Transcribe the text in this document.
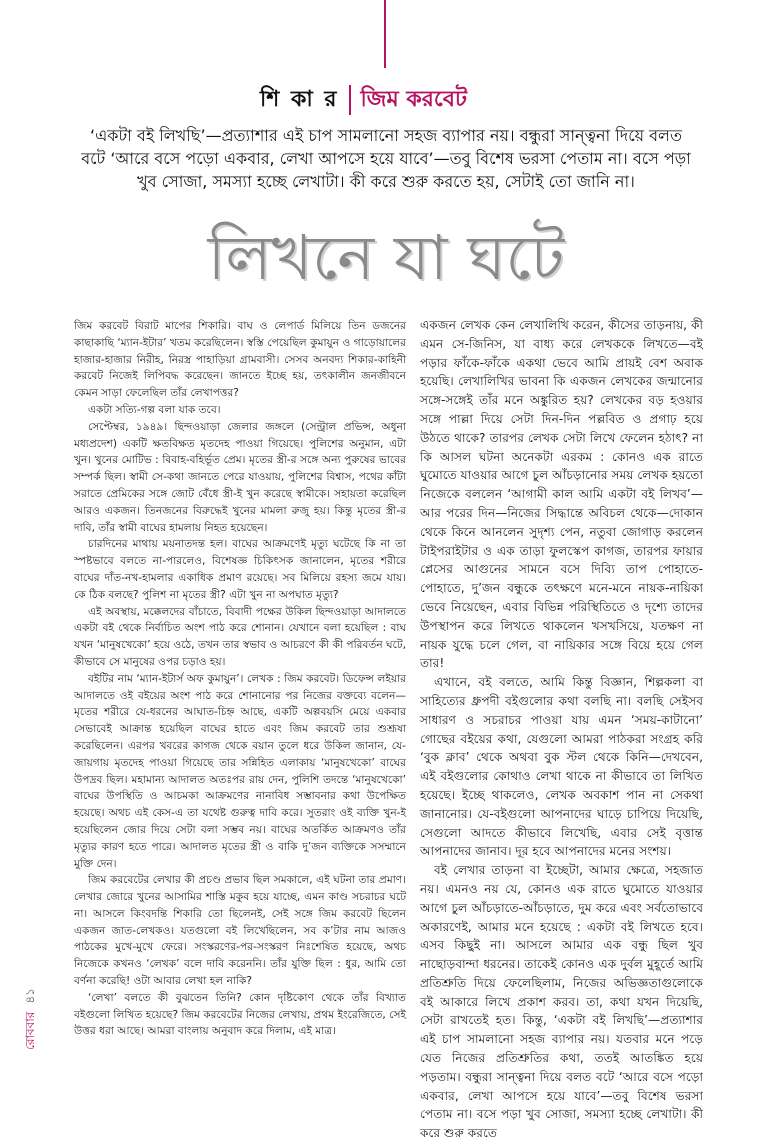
শি কা র জিম করবেট
‘একটা বই লিখছি’—প্রত্যাশার এই চাপ সামলানো সহজ ব্যাপার নয়। বন্ধুরা সান্ত্বনা দিয়ে বলত বটে ‘আরে বসে পড়ো একবার, লেখা আপসে হয়ে যাবে’—তবু বিশেষ ভরসা পেতাম না। বসে পড়া খুব সোজা, সমস্যা হচ্ছে লেখাটা। কী করে শুরু করতে হয়, সেটাই তো জানি না।
লিখনে যা ঘটে

জিম করবেট বিরাট মাপের শিকারি। বাঘ ও লেপার্ড মিলিয়ে তিন ডজনের কাছাকাছি ‘ম্যান-ইটার’ খতম করেছিলেন। স্বস্তি পেয়েছিল কুমায়ুন ও গাড়োয়ালের হাজার-হাজার নিরীহ, নিরস্ত্র পাহাড়িয়া গ্রামবাসী। সেসব অনবদ্য শিকার-কাহিনী করবেট নিজেই লিপিবদ্ধ করেছেন। জানতে ইচ্ছে হয়, তৎকালীন জনজীবনে কেমন সাড়া ফেলেছিল তাঁর লেখাপত্তর?

একটা সত্যি-গল্প বলা যাক তবে।

সেপ্টেম্বর, ১৯৪৯। ছিন্দওয়াড়া জেলার জঙ্গলে (সেন্ট্রাল প্রভিন্স, অধুনা মধ্যপ্রদেশ) একটি ক্ষতবিক্ষত মৃতদেহ পাওয়া গিয়েছে। পুলিশের অনুমান, এটা খুন। খুনের মোটিভ : বিবাহ-বহির্ভূত প্রেম। মৃতের স্ত্রী-র সঙ্গে অন্য পুরুষের ভাবের সম্পর্ক ছিল। স্বামী সে-কথা জানতে পেরে যাওয়ায়, পুলিশের বিশ্বাস, পথের কাঁটা সরাতে প্রেমিকের সঙ্গে জোট বেঁধে স্ত্রী-ই খুন করেছে স্বামীকে। সহায়তা করেছিল আরও একজন। তিনজনের বিরুদ্ধেই খুনের মামলা রুজু হয়। কিন্তু মৃতের স্ত্রী-র দাবি, তাঁর স্বামী বাঘের হামলায় নিহত হয়েছেন।

চারদিনের মাথায় ময়নাতদন্ত হল। বাঘের আক্রমণেই মৃত্যু ঘটেছে কি না তা স্পষ্টভাবে বলতে না-পারলেও, বিশেষজ্ঞ চিকিৎসক জানালেন, মৃতের শরীরে বাঘের দাঁত-নখ-হামলার একাধিক প্রমাণ রয়েছে। সব মিলিয়ে রহস্য জমে যায়। কে ঠিক বলছে? পুলিশ না মৃতের স্ত্রী? এটা খুন না অপঘাত মৃত্যু?

এই অবস্থায়, মক্কেলদের বাঁচাতে, বিবাদী পক্ষের উকিল ছিন্দওয়াড়া আদালতে একটা বই থেকে নির্বাচিত অংশ পাঠ করে শোনান। যেখানে বলা হয়েছিল : বাঘ যখন ‘মানুষখেকো’ হয়ে ওঠে, তখন তার স্বভাব ও আচরণে কী কী পরিবর্তন ঘটে, কীভাবে সে মানুষের ওপর চড়াও হয়।

বইটির নাম ‘ম্যান-ইটার্স অফ কুমায়ুন’। লেখক : জিম করবেট। ডিফেন্স লইয়ার আদালতে ওই বইয়ের অংশ পাঠ করে শোনানোর পর নিজের বক্তব্যে বলেন—মৃতের শরীরে যে-ধরনের আঘাত-চিহ্ন আছে, একটি অল্পবয়সি মেয়ে একবার সেভাবেই আক্রান্ত হয়েছিল বাঘের হাতে এবং জিম করবেট তার শুশ্রূষা করেছিলেন। এরপর খবরের কাগজ থেকে বয়ান তুলে ধরে উকিল জানান, যে-জায়গায় মৃতদেহ পাওয়া গিয়েছে তার সন্নিহিত এলাকায় ‘মানুষখেকো’ বাঘের উপদ্রব ছিল। মহামান্য আদালত অতঃপর রায় দেন, পুলিশি তদন্তে ‘মানুষখেকো’ বাঘের উপস্থিতি ও আচমকা আক্রমণের নানাবিধ সম্ভাবনার কথা উপেক্ষিত হয়েছে। অথচ এই কেস-এ তা যথেষ্ট গুরুত্ব দাবি করে। সুতরাং ওই ব্যক্তি খুন-ই হয়েছিলেন জোর দিয়ে সেটা বলা সম্ভব নয়। বাঘের অতর্কিত আক্রমণও তাঁর মৃত্যুর কারণ হতে পারে। আদালত মৃতের স্ত্রী ও বাকি দু’জন ব্যক্তিকে সসম্মানে মুক্তি দেন।

জিম করবেটের লেখার কী প্রচণ্ড প্রভাব ছিল সমকালে, এই ঘটনা তার প্রমাণ। লেখার জোরে খুনের আসামির শাস্তি মকুব হয়ে যাচ্ছে, এমন কাণ্ড সচরাচর ঘটে না। আসলে কিংবদন্তি শিকারি তো ছিলেনই, সেই সঙ্গে জিম করবেট ছিলেন একজন জাত-লেখকও। যতগুলো বই লিখেছিলেন, সব ক’টার নাম আজও পাঠকের মুখে-মুখে ফেরে। সংস্করণের-পর-সংস্করণ নিঃশেষিত হয়েছে, অথচ নিজেকে কখনও ‘লেখক’ বলে দাবি করেননি। তাঁর যুক্তি ছিল : ধুর, আমি তো বর্ণনা করেছি! ওটা আবার লেখা হল নাকি?

‘লেখা’ বলতে কী বুঝতেন তিনি? কোন দৃষ্টিকোণ থেকে তাঁর বিখ্যাত বইগুলো লিখিত হয়েছে? জিম করবেটের নিজের লেখায়, প্রথম ইংরেজিতে, সেই উত্তর ধরা আছে। আমরা বাংলায় অনুবাদ করে দিলাম, এই মাত্র।

একজন লেখক কেন লেখালিখি করেন, কীসের তাড়নায়, কী এমন সে-জিনিস, যা বাধ্য করে লেখককে লিখতে—বই পড়ার ফাঁকে-ফাঁকে একথা ভেবে আমি প্রায়ই বেশ অবাক হয়েছি। লেখালিখির ভাবনা কি একজন লেখকের জন্মানোর সঙ্গে-সঙ্গেই তাঁর মনে অঙ্কুরিত হয়? লেখকের বড় হওয়ার সঙ্গে পাল্লা দিয়ে সেটা দিন-দিন পল্লবিত ও প্রগাঢ় হয়ে উঠতে থাকে? তারপর লেখক সেটা লিখে ফেলেন হঠাৎ? না কি আসল ঘটনা অনেকটা এরকম : কোনও এক রাতে ঘুমোতে যাওয়ার আগে চুল আঁচড়ানোর সময় লেখক হয়তো নিজেকে বললেন ‘আগামী কাল আমি একটা বই লিখব’—আর পরের দিন—নিজের সিদ্ধান্তে অবিচল থেকে—দোকান থেকে কিনে আনলেন সুদৃশ্য পেন, নতুবা জোগাড় করলেন টাইপরাইটার ও এক তাড়া ফুলস্কেপ কাগজ, তারপর ফায়ার প্লেসের আগুনের সামনে বসে দিব্যি তাপ পোহাতে-পোহাতে, দু’জন বন্ধুকে তৎক্ষণে মনে-মনে নায়ক-নায়িকা ভেবে নিয়েছেন, এবার বিভিন্ন পরিস্থিতিতে ও দৃশ্যে তাদের উপস্থাপন করে লিখতে থাকলেন খসখসিয়ে, যতক্ষণ না নায়ক যুদ্ধে চলে গেল, বা নায়িকার সঙ্গে বিয়ে হয়ে গেল তার!

এখানে, বই বলতে, আমি কিন্তু বিজ্ঞান, শিল্পকলা বা সাহিত্যের ধ্রুপদী বইগুলোর কথা বলছি না। বলছি সেইসব সাধারণ ও সচরাচর পাওয়া যায় এমন ‘সময়-কাটানো’ গোছের বইয়ের কথা, যেগুলো আমরা পাঠকরা সংগ্রহ করি ‘বুক ক্লাব’ থেকে অথবা বুক স্টল থেকে কিনি—দেখবেন, এই বইগুলোর কোথাও লেখা থাকে না কীভাবে তা লিখিত হয়েছে। ইচ্ছে থাকলেও, লেখক অবকাশ পান না সেকথা জানানোর। যে-বইগুলো আপনাদের ঘাড়ে চাপিয়ে দিয়েছি, সেগুলো আদতে কীভাবে লিখেছি, এবার সেই বৃত্তান্ত আপনাদের জানাব। দূর হবে আপনাদের মনের সংশয়।

বই লেখার তাড়না বা ইচ্ছেটা, আমার ক্ষেত্রে, সহজাত নয়। এমনও নয় যে, কোনও এক রাতে ঘুমোতে যাওয়ার আগে চুল আঁচড়াতে-আঁচড়াতে, দুম করে এবং সর্বতোভাবে অকারণেই, আমার মনে হয়েছে : একটা বই লিখতে হবে। এসব কিছুই না। আসলে আমার এক বন্ধু ছিল খুব নাছোড়বান্দা ধরনের। তাকেই কোনও এক দুর্বল মুহূর্তে আমি প্রতিশ্রুতি দিয়ে ফেলেছিলাম, নিজের অভিজ্ঞতাগুলোকে বই আকারে লিখে প্রকাশ করব। তা, কথা যখন দিয়েছি, সেটা রাখতেই হত। কিন্তু, ‘একটা বই লিখছি’—প্রত্যাশার এই চাপ সামলানো সহজ ব্যাপার নয়। যতবার মনে পড়ে যেত নিজের প্রতিশ্রুতির কথা, ততই আতঙ্কিত হয়ে পড়তাম। বন্ধুরা সান্ত্বনা দিয়ে বলত বটে ‘আরে বসে পড়ো একবার, লেখা আপসে হয়ে যাবে’—তবু বিশেষ ভরসা পেতাম না। বসে পড়া খুব সোজা, সমস্যা হচ্ছে লেখাটা। কী করে শুরু করতে

রোববার৪১
